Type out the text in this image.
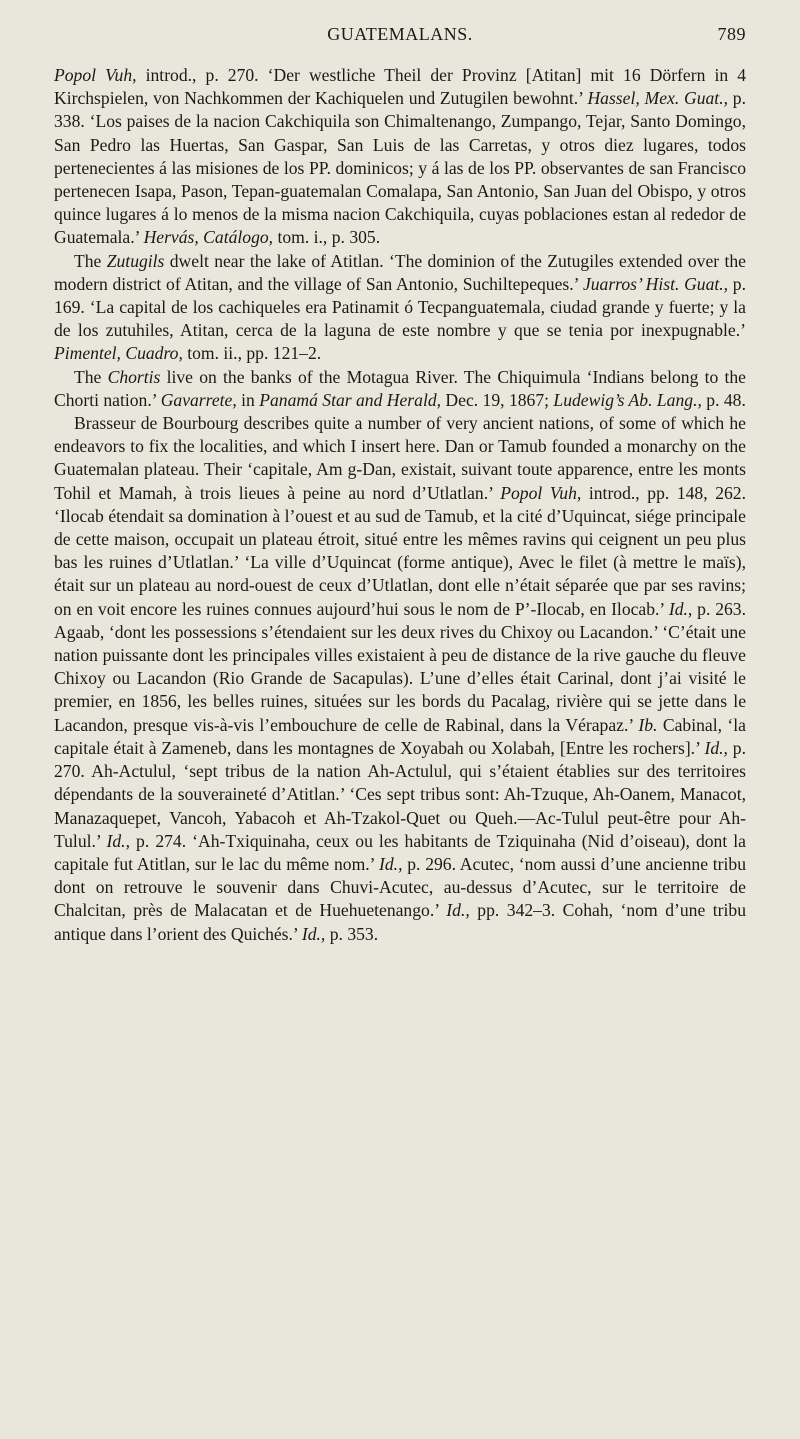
GUATEMALANS.	789

Popol Vuh, introd., p. 270. ‘Der westliche Theil der Provinz [Atitan] mit 16 Dörfern in 4 Kirchspielen, von Nachkommen der Kachiquelen und Zutugilen bewohnt.’ Hassel, Mex. Guat., p. 338. ‘Los paises de la nacion Cakchiquila son Chimaltenango, Zumpango, Tejar, Santo Domingo, San Pedro las Huertas, San Gaspar, San Luis de las Carretas, y otros diez lugares, todos pertenecientes á las misiones de los PP. dominicos; y á las de los PP. observantes de san Francisco pertenecen Isapa, Pason, Tepan-guatemalan Comalapa, San Antonio, San Juan del Obispo, y otros quince lugares á lo menos de la misma nacion Cakchiquila, cuyas poblaciones estan al rededor de Guatemala.’ Hervás, Catálogo, tom. i., p. 305.

The Zutugils dwelt near the lake of Atitlan. ‘The dominion of the Zutugiles extended over the modern district of Atitan, and the village of San Antonio, Suchiltepeques.’ Juarros’ Hist. Guat., p. 169. ‘La capital de los cachiqueles era Patinamit ó Tecpanguatemala, ciudad grande y fuerte; y la de los zutuhiles, Atitan, cerca de la laguna de este nombre y que se tenia por inexpugnable.’ Pimentel, Cuadro, tom. ii., pp. 121–2.

The Chortis live on the banks of the Motagua River. The Chiquimula ‘Indians belong to the Chorti nation.’ Gavarrete, in Panamá Star and Herald, Dec. 19, 1867; Ludewig’s Ab. Lang., p. 48.

Brasseur de Bourbourg describes quite a number of very ancient nations, of some of which he endeavors to fix the localities, and which I insert here. Dan or Tamub founded a monarchy on the Guatemalan plateau. Their ‘capitale, Am g-Dan, existait, suivant toute apparence, entre les monts Tohil et Mamah, à trois lieues à peine au nord d’Utlatlan.’ Popol Vuh, introd., pp. 148, 262. ‘Ilocab étendait sa domination à l’ouest et au sud de Tamub, et la cité d’Uquincat, siége principale de cette maison, occupait un plateau étroit, situé entre les mêmes ravins qui ceignent un peu plus bas les ruines d’Utlatlan.’ ‘La ville d’Uquincat (forme antique), Avec le filet (à mettre le maïs), était sur un plateau au nord-ouest de ceux d’Utlatlan, dont elle n’était séparée que par ses ravins; on en voit encore les ruines connues aujourd’hui sous le nom de P’-Ilocab, en Ilocab.’ Id., p. 263. Agaab, ‘dont les possessions s’étendaient sur les deux rives du Chixoy ou Lacandon.’ ‘C’était une nation puissante dont les principales villes existaient à peu de distance de la rive gauche du fleuve Chixoy ou Lacandon (Rio Grande de Sacapulas). L’une d’elles était Carinal, dont j’ai visité le premier, en 1856, les belles ruines, situées sur les bords du Pacalag, rivière qui se jette dans le Lacandon, presque vis-à-vis l’embouchure de celle de Rabinal, dans la Vérapaz.’ Ib. Cabinal, ‘la capitale était à Zameneb, dans les montagnes de Xoyabah ou Xolabah, [Entre les rochers].’ Id., p. 270. Ah-Actulul, ‘sept tribus de la nation Ah-Actulul, qui s’étaient établies sur des territoires dépendants de la souveraineté d’Atitlan.’ ‘Ces sept tribus sont: Ah-Tzuque, Ah-Oanem, Manacot, Manazaquepet, Vancoh, Yabacoh et Ah-Tzakol-Quet ou Queh.—Ac-Tulul peut-être pour Ah-Tulul.’ Id., p. 274. ‘Ah-Txiquinaha, ceux ou les habitants de Tziquinaha (Nid d’oiseau), dont la capitale fut Atitlan, sur le lac du même nom.’ Id., p. 296. Acutec, ‘nom aussi d’une ancienne tribu dont on retrouve le souvenir dans Chuvi-Acutec, au-dessus d’Acutec, sur le territoire de Chalcitan, près de Malacatan et de Huehuetenango.’ Id., pp. 342–3. Cohah, ‘nom d’une tribu antique dans l’orient des Quichés.’ Id., p. 353.
